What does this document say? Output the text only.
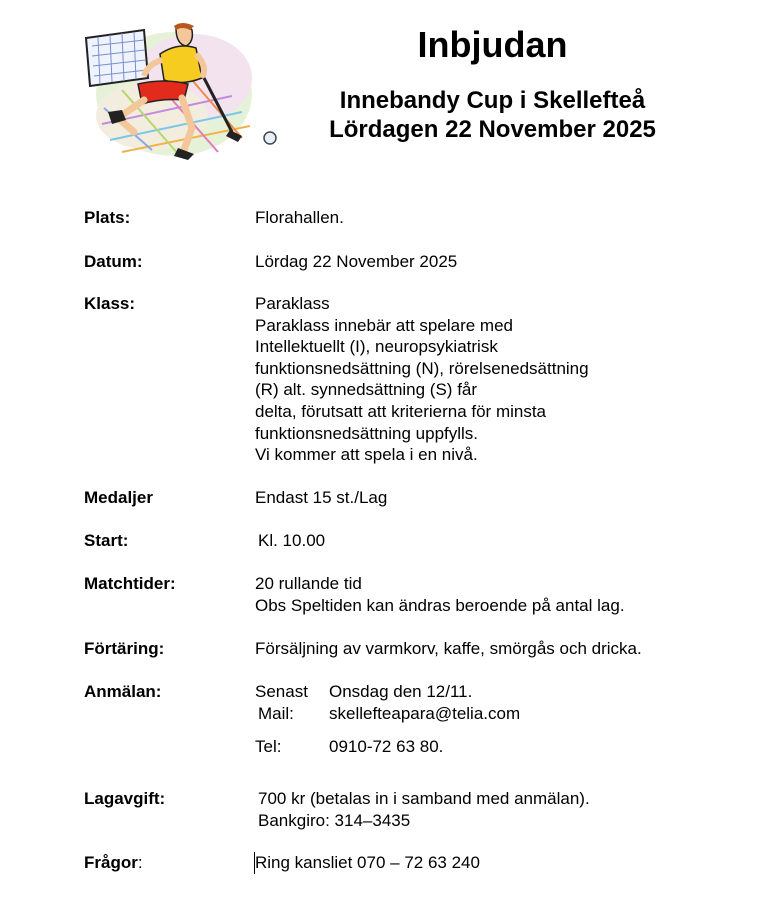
Inbjudan
Innebandy Cup i Skellefteå
Lördagen 22 November 2025
Plats:	Florahallen.
Datum:	Lördag 22 November 2025
Klass:	Paraklass
Paraklass innebär att spelare med
Intellektuellt (I), neuropsykiatrisk
funktionsnedsättning (N), rörelsenedsättning
(R) alt. synnedsättning (S) får
delta, förutsatt att kriterierna för minsta
funktionsnedsättning uppfylls.
Vi kommer att spela i en nivå.
Medaljer	Endast 15 st./Lag
Start:	Kl. 10.00
Matchtider:	20 rullande tid
Obs Speltiden kan ändras beroende på antal lag.
Förtäring:	Försäljning av varmkorv, kaffe, smörgås och dricka.
Anmälan:	Senast Onsdag den 12/11.
Mail: skellefteapara@telia.com
Tel:	0910-72 63 80.
Lagavgift:	700 kr (betalas in i samband med anmälan).
Bankgiro: 314–3435
Frågor:	Ring kansliet 070 – 72 63 240
